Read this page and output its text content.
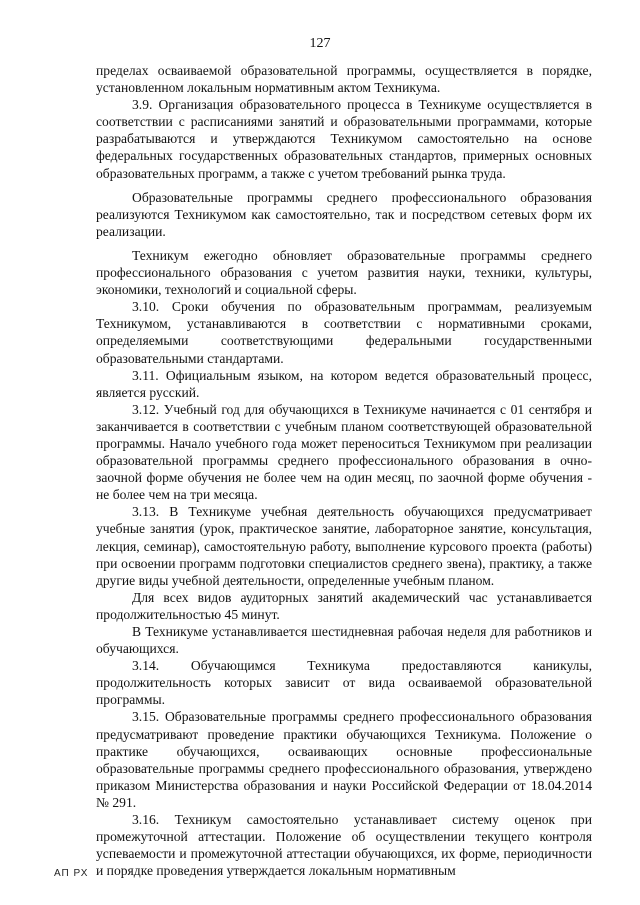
127

пределах осваиваемой образовательной программы, осуществляется в порядке, установленном локальным нормативным актом Техникума.

3.9. Организация образовательного процесса в Техникуме осуществляется в соответствии с расписаниями занятий и образовательными программами, которые разрабатываются и утверждаются Техникумом самостоятельно на основе федеральных государственных образовательных стандартов, примерных основных образовательных программ, а также с учетом требований рынка труда.

Образовательные программы среднего профессионального образования реализуются Техникумом как самостоятельно, так и посредством сетевых форм их реализации.

Техникум ежегодно обновляет образовательные программы среднего профессионального образования с учетом развития науки, техники, культуры, экономики, технологий и социальной сферы.

3.10. Сроки обучения по образовательным программам, реализуемым Техникумом, устанавливаются в соответствии с нормативными сроками, определяемыми соответствующими федеральными государственными образовательными стандартами.

3.11. Официальным языком, на котором ведется образовательный процесс, является русский.

3.12. Учебный год для обучающихся в Техникуме начинается с 01 сентября и заканчивается в соответствии с учебным планом соответствующей образовательной программы. Начало учебного года может переноситься Техникумом при реализации образовательной программы среднего профессионального образования в очно-заочной форме обучения не более чем на один месяц, по заочной форме обучения - не более чем на три месяца.

3.13. В Техникуме учебная деятельность обучающихся предусматривает учебные занятия (урок, практическое занятие, лабораторное занятие, консультация, лекция, семинар), самостоятельную работу, выполнение курсового проекта (работы) при освоении программ подготовки специалистов среднего звена), практику, а также другие виды учебной деятельности, определенные учебным планом.

Для всех видов аудиторных занятий академический час устанавливается продолжительностью 45 минут.

В Техникуме устанавливается шестидневная рабочая неделя для работников и обучающихся.

3.14. Обучающимся Техникума предоставляются каникулы, продолжительность которых зависит от вида осваиваемой образовательной программы.

3.15. Образовательные программы среднего профессионального образования предусматривают проведение практики обучающихся Техникума. Положение о практике обучающихся, осваивающих основные профессиональные образовательные программы среднего профессионального образования, утверждено приказом Министерства образования и науки Российской Федерации от 18.04.2014 № 291.

3.16. Техникум самостоятельно устанавливает систему оценок при промежуточной аттестации. Положение об осуществлении текущего контроля успеваемости и промежуточной аттестации обучающихся, их форме, периодичности и порядке проведения утверждается локальным нормативным

АП РХ
